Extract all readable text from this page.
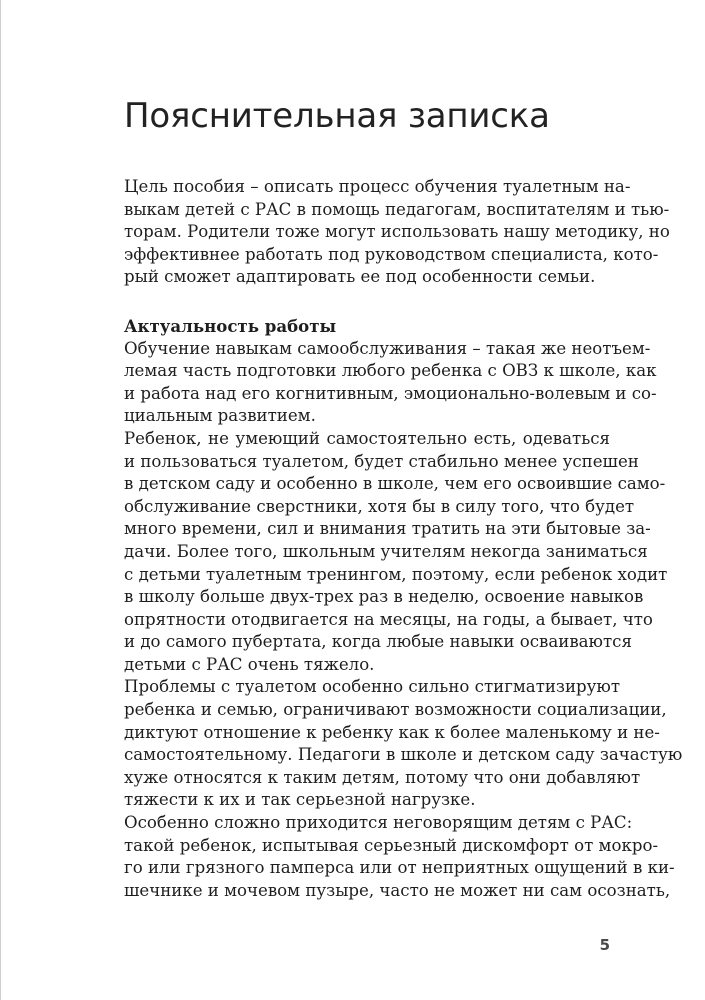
Пояснительная записка
Цель пособия – описать процесс обучения туалетным на-
выкам детей с РАС в помощь педагогам, воспитателям и тью-
торам. Родители тоже могут использовать нашу методику, но
эффективнее работать под руководством специалиста, кото-
рый сможет адаптировать ее под особенности семьи.
Актуальность работы
Обучение навыкам самообслуживания – такая же неотъем-
лемая часть подготовки любого ребенка с ОВЗ к школе, как
и работа над его когнитивным, эмоционально-волевым и со-
циальным развитием.
Ребенок, не умеющий самостоятельно есть, одеваться
и пользоваться туалетом, будет стабильно менее успешен
в детском саду и особенно в школе, чем его освоившие само-
обслуживание сверстники, хотя бы в силу того, что будет
много времени, сил и внимания тратить на эти бытовые за-
дачи. Более того, школьным учителям некогда заниматься
с детьми туалетным тренингом, поэтому, если ребенок ходит
в школу больше двух-трех раз в неделю, освоение навыков
опрятности отодвигается на месяцы, на годы, а бывает, что
и до самого пубертата, когда любые навыки осваиваются
детьми с РАС очень тяжело.
Проблемы с туалетом особенно сильно стигматизируют
ребенка и семью, ограничивают возможности социализации,
диктуют отношение к ребенку как к более маленькому и не-
самостоятельному. Педагоги в школе и детском саду зачастую
хуже относятся к таким детям, потому что они добавляют
тяжести к их и так серьезной нагрузке.
Особенно сложно приходится неговорящим детям с РАС:
такой ребенок, испытывая серьезный дискомфорт от мокро-
го или грязного памперса или от неприятных ощущений в ки-
шечнике и мочевом пузыре, часто не может ни сам осознать,
5
